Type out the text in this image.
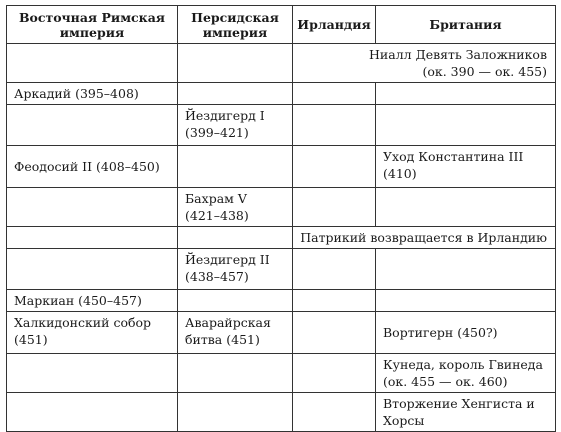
Восточная Римская империя	Персидская империя	Ирландия	Британия

		Ниалл Девять Заложников
(ок. 390 — ок. 455)	

Аркадий (395–408)			

	Йездигерд I
(399–421)		

Феодосий II (408–450)			Уход Константина III
(410)

	Бахрам V
(421–438)		

		Патрикий возвращается в Ирландию	

	Йездигерд II
(438–457)		

Маркиан (450–457)			

Халкидонский собор
(451)	Аварайрская
битва (451)		Вортигерн (450?)

			Кунеда, король Гвинеда
(ок. 455 — ок. 460)

			Вторжение Хенгиста и
Хорсы
